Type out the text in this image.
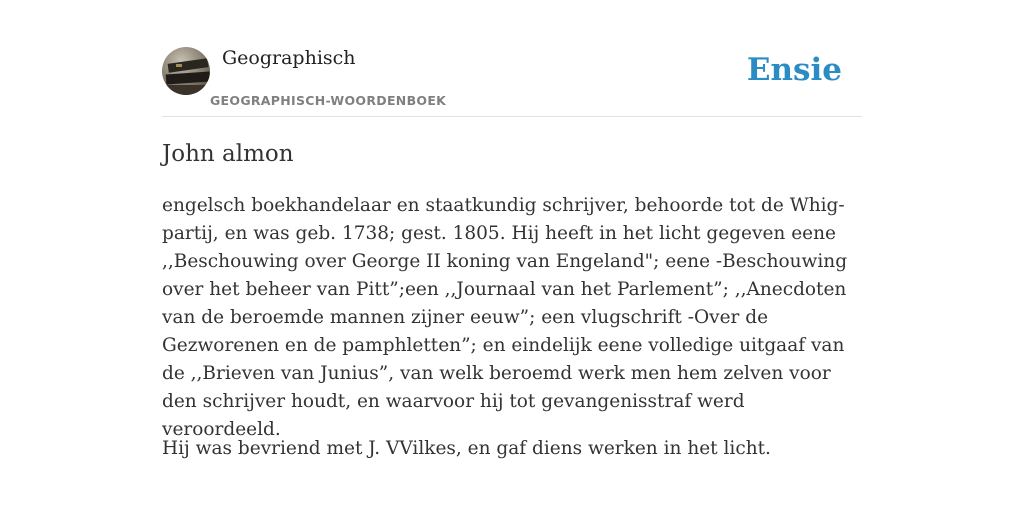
Geographisch
GEOGRAPHISCH-WOORDENBOEK
Ensie
John almon

engelsch boekhandelaar en staatkundig schrijver, behoorde tot de Whig-partij, en was geb. 1738; gest. 1805. Hij heeft in het licht gegeven eene ,,Beschouwing over George II koning van Engeland"; eene -Beschouwing over het beheer van Pitt”;een ,,Journaal van het Parlement”; ,,Anecdoten van de beroemde mannen zijner eeuw”; een vlugschrift -Over de Gezworenen en de pamphletten”; en eindelijk eene volledige uitgaaf van de ,,Brieven van Junius”, van welk beroemd werk men hem zelven voor den schrijver houdt, en waarvoor hij tot gevangenisstraf werd veroordeeld.

Hij was bevriend met J. VVilkes, en gaf diens werken in het licht.
